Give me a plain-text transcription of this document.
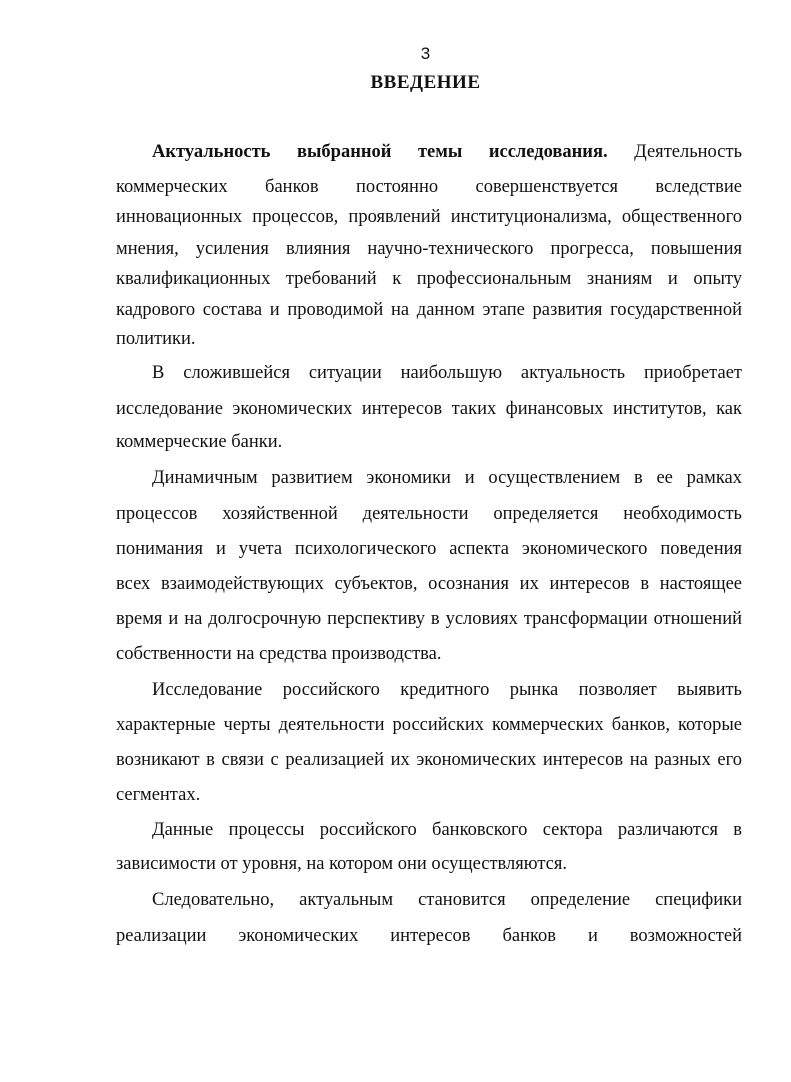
3
ВВЕДЕНИЕ
Актуальность выбранной темы исследования. Деятельность
коммерческих банков постоянно совершенствуется вследствие
инновационных процессов, проявлений институционализма, общественного
мнения, усиления влияния научно-технического прогресса, повышения
квалификационных требований к профессиональным знаниям и опыту
кадрового состава и проводимой на данном этапе развития государственной
политики.
В сложившейся ситуации наибольшую актуальность приобретает
исследование экономических интересов таких финансовых институтов, как
коммерческие банки.
Динамичным развитием экономики и осуществлением в ее рамках
процессов хозяйственной деятельности определяется необходимость
понимания и учета психологического аспекта экономического поведения
всех взаимодействующих субъектов, осознания их интересов в настоящее
время и на долгосрочную перспективу в условиях трансформации отношений
собственности на средства производства.
Исследование российского кредитного рынка позволяет выявить
характерные черты деятельности российских коммерческих банков, которые
возникают в связи с реализацией их экономических интересов на разных его
сегментах.
Данные процессы российского банковского сектора различаются в
зависимости от уровня, на котором они осуществляются.
Следовательно, актуальным становится определение специфики
реализации экономических интересов банков и возможностей
